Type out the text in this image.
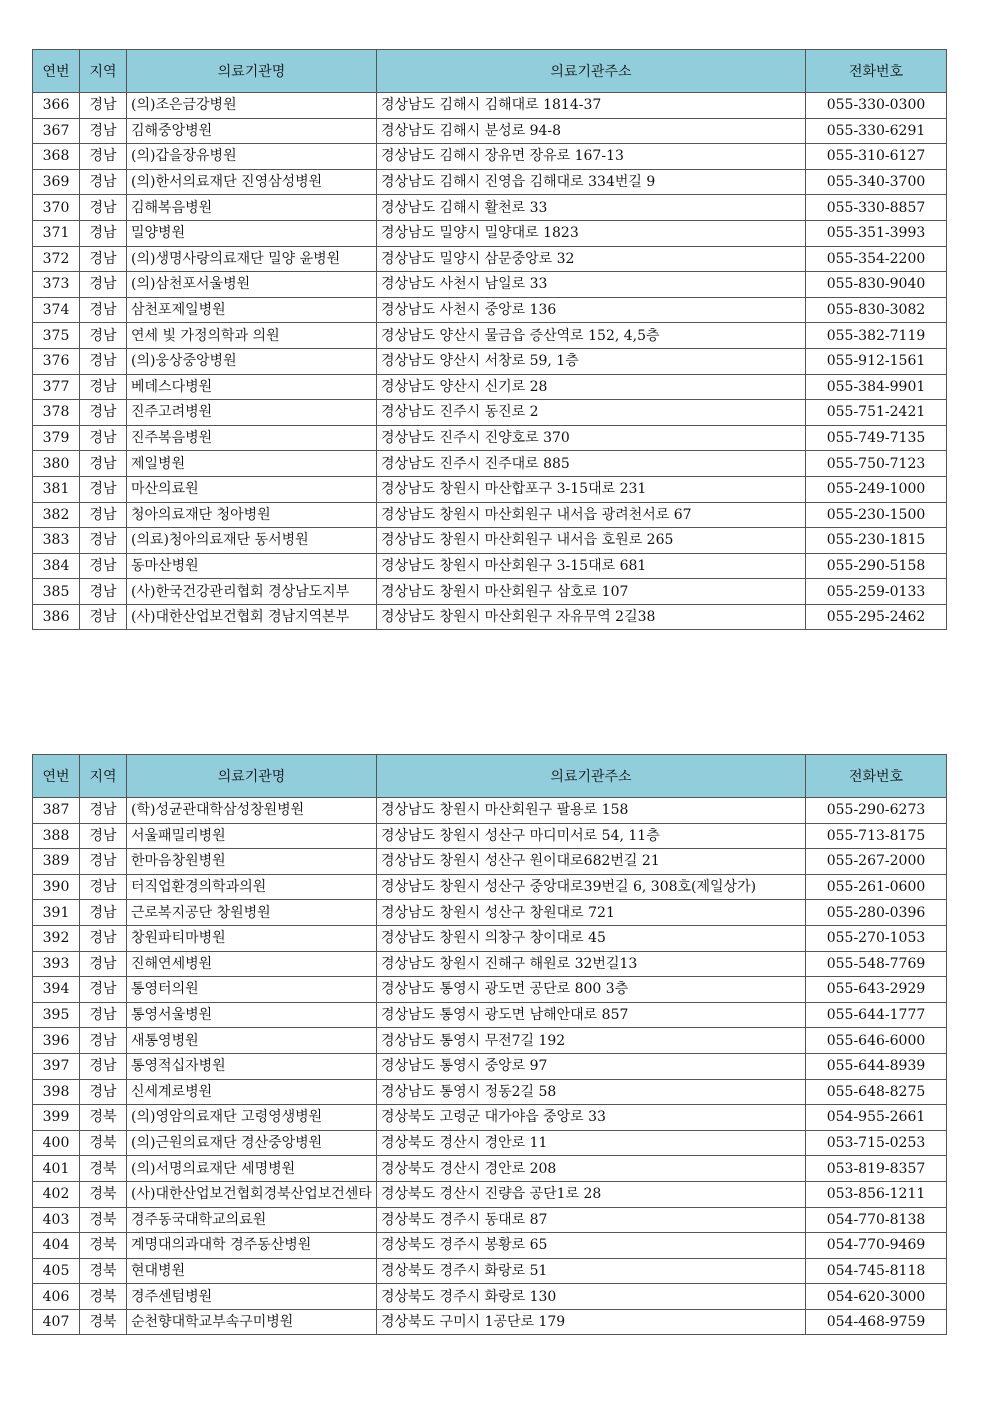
연번	지역	의료기관명	의료기관주소	전화번호
366	경남	(의)조은금강병원	경상남도 김해시 김해대로 1814-37	055-330-0300
367	경남	김해중앙병원	경상남도 김해시 분성로 94-8	055-330-6291
368	경남	(의)갑을장유병원	경상남도 김해시 장유면 장유로 167-13	055-310-6127
369	경남	(의)한서의료재단 진영삼성병원	경상남도 김해시 진영읍 김해대로 334번길 9	055-340-3700
370	경남	김해복음병원	경상남도 김해시 활천로 33	055-330-8857
371	경남	밀양병원	경상남도 밀양시 밀양대로 1823	055-351-3993
372	경남	(의)생명사랑의료재단 밀양 윤병원	경상남도 밀양시 삼문중앙로 32	055-354-2200
373	경남	(의)삼천포서울병원	경상남도 사천시 남일로 33	055-830-9040
374	경남	삼천포제일병원	경상남도 사천시 중앙로 136	055-830-3082
375	경남	연세 빛 가정의학과 의원	경상남도 양산시 물금읍 증산역로 152, 4,5층	055-382-7119
376	경남	(의)웅상중앙병원	경상남도 양산시 서창로 59, 1층	055-912-1561
377	경남	베데스다병원	경상남도 양산시 신기로 28	055-384-9901
378	경남	진주고려병원	경상남도 진주시 동진로 2	055-751-2421
379	경남	진주복음병원	경상남도 진주시 진양호로 370	055-749-7135
380	경남	제일병원	경상남도 진주시 진주대로 885	055-750-7123
381	경남	마산의료원	경상남도 창원시 마산합포구 3-15대로 231	055-249-1000
382	경남	청아의료재단 청아병원	경상남도 창원시 마산회원구 내서읍 광려천서로 67	055-230-1500
383	경남	(의료)청아의료재단 동서병원	경상남도 창원시 마산회원구 내서읍 호원로 265	055-230-1815
384	경남	동마산병원	경상남도 창원시 마산회원구 3-15대로 681	055-290-5158
385	경남	(사)한국건강관리협회 경상남도지부	경상남도 창원시 마산회원구 삼호로 107	055-259-0133
386	경남	(사)대한산업보건협회 경남지역본부	경상남도 창원시 마산회원구 자유무역 2길38	055-295-2462
연번	지역	의료기관명	의료기관주소	전화번호
387	경남	(학)성균관대학삼성창원병원	경상남도 창원시 마산회원구 팔용로 158	055-290-6273
388	경남	서울패밀리병원	경상남도 창원시 성산구 마디미서로 54, 11층	055-713-8175
389	경남	한마음창원병원	경상남도 창원시 성산구 원이대로682번길 21	055-267-2000
390	경남	터직업환경의학과의원	경상남도 창원시 성산구 중앙대로39번길 6, 308호(제일상가)	055-261-0600
391	경남	근로복지공단 창원병원	경상남도 창원시 성산구 창원대로 721	055-280-0396
392	경남	창원파티마병원	경상남도 창원시 의창구 창이대로 45	055-270-1053
393	경남	진해연세병원	경상남도 창원시 진해구 해원로 32번길13	055-548-7769
394	경남	통영터의원	경상남도 통영시 광도면 공단로 800 3층	055-643-2929
395	경남	통영서울병원	경상남도 통영시 광도면 남해안대로 857	055-644-1777
396	경남	새통영병원	경상남도 통영시 무전7길 192	055-646-6000
397	경남	통영적십자병원	경상남도 통영시 중앙로 97	055-644-8939
398	경남	신세계로병원	경상남도 통영시 정동2길 58	055-648-8275
399	경북	(의)영암의료재단 고령영생병원	경상북도 고령군 대가야읍 중앙로 33	054-955-2661
400	경북	(의)근원의료재단 경산중앙병원	경상북도 경산시 경안로 11	053-715-0253
401	경북	(의)서명의료재단 세명병원	경상북도 경산시 경안로 208	053-819-8357
402	경북	(사)대한산업보건협회경북산업보건센타	경상북도 경산시 진량읍 공단1로 28	053-856-1211
403	경북	경주동국대학교의료원	경상북도 경주시 동대로 87	054-770-8138
404	경북	계명대의과대학 경주동산병원	경상북도 경주시 봉황로 65	054-770-9469
405	경북	현대병원	경상북도 경주시 화랑로 51	054-745-8118
406	경북	경주센텀병원	경상북도 경주시 화랑로 130	054-620-3000
407	경북	순천향대학교부속구미병원	경상북도 구미시 1공단로 179	054-468-9759
